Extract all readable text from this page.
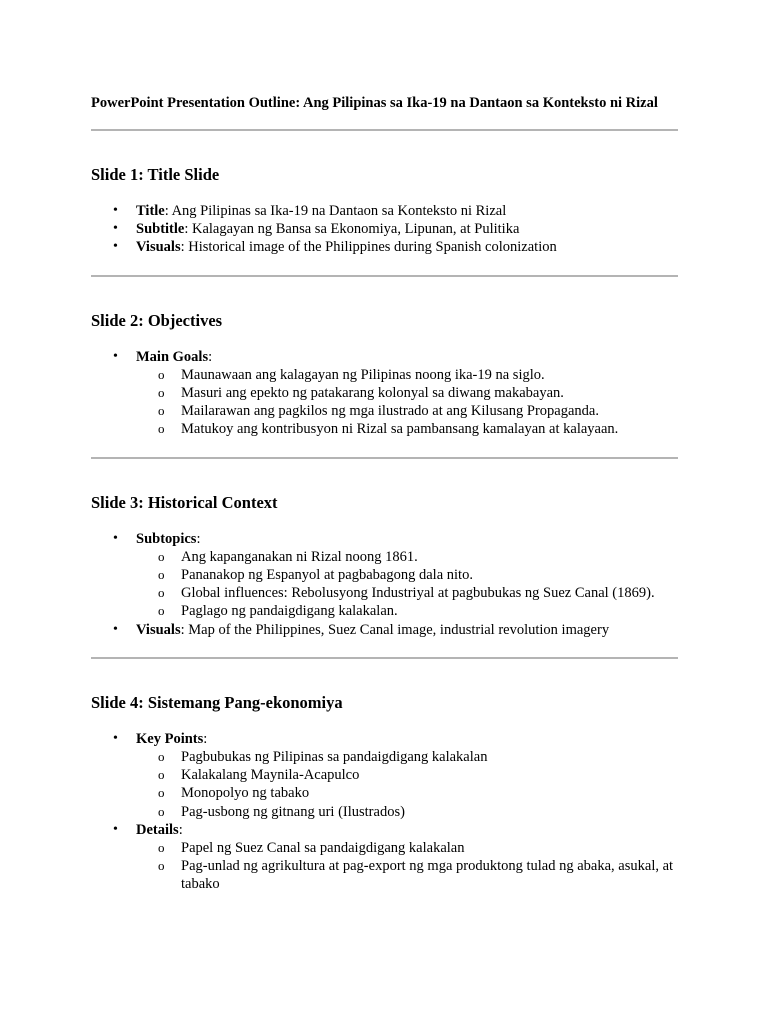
PowerPoint Presentation Outline: Ang Pilipinas sa Ika-19 na Dantaon sa Konteksto ni Rizal

Slide 1: Title Slide
• Title: Ang Pilipinas sa Ika-19 na Dantaon sa Konteksto ni Rizal
• Subtitle: Kalagayan ng Bansa sa Ekonomiya, Lipunan, at Pulitika
• Visuals: Historical image of the Philippines during Spanish colonization
Slide 2: Objectives
• Main Goals:
o Maunawaan ang kalagayan ng Pilipinas noong ika-19 na siglo.
o Masuri ang epekto ng patakarang kolonyal sa diwang makabayan.
o Mailarawan ang pagkilos ng mga ilustrado at ang Kilusang Propaganda.
o Matukoy ang kontribusyon ni Rizal sa pambansang kamalayan at kalayaan.
Slide 3: Historical Context
• Subtopics:
o Ang kapanganakan ni Rizal noong 1861.
o Pananakop ng Espanyol at pagbabagong dala nito.
o Global influences: Rebolusyong Industriyal at pagbubukas ng Suez Canal (1869).
o Paglago ng pandaigdigang kalakalan.
• Visuals: Map of the Philippines, Suez Canal image, industrial revolution imagery
Slide 4: Sistemang Pang-ekonomiya
• Key Points:
o Pagbubukas ng Pilipinas sa pandaigdigang kalakalan
o Kalakalang Maynila-Acapulco
o Monopolyo ng tabako
o Pag-usbong ng gitnang uri (Ilustrados)
• Details:
o Papel ng Suez Canal sa pandaigdigang kalakalan
o Pag-unlad ng agrikultura at pag-export ng mga produktong tulad ng abaka, asukal, at tabako
